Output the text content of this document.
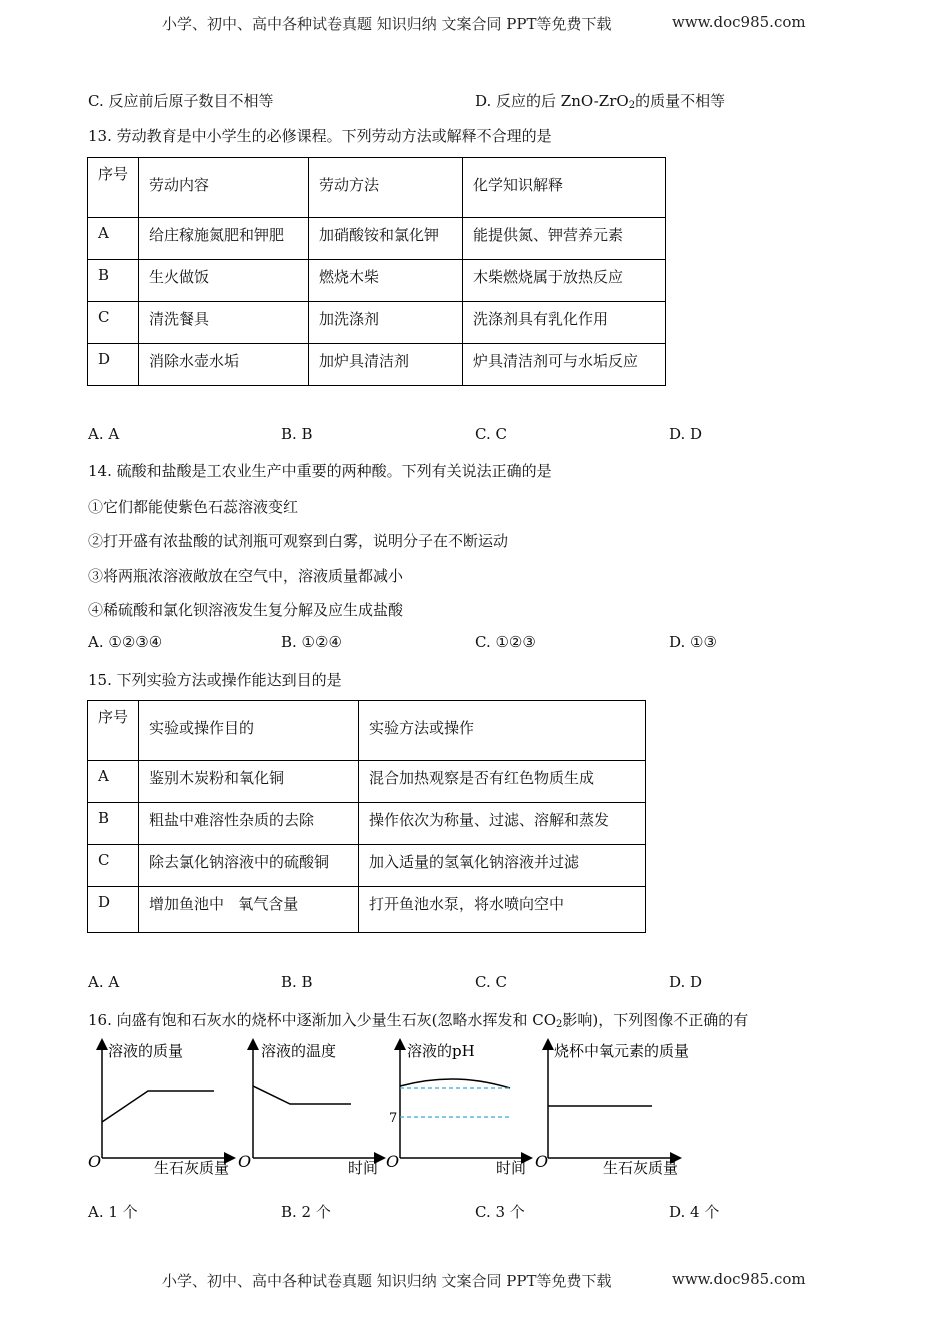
小学、初中、高中各种试卷真题 知识归纳 文案合同 PPT等免费下载	www.doc985.com
C. 反应前后原子数目不相等	D. 反应的后 ZnO-ZrO$_2$的质量不相等
13. 劳动教育是中小学生的必修课程。下列劳动方法或解释不合理的是
序号	劳动内容	劳动方法	化学知识解释
A	给庄稼施氮肥和钾肥	加硝酸铵和氯化钾	能提供氮、钾营养元素
B	生火做饭	燃烧木柴	木柴燃烧属于放热反应
C	清洗餐具	加洗涤剂	洗涤剂具有乳化作用
D	消除水壶水垢	加炉具清洁剂	炉具清洁剂可与水垢反应
A. A	B. B	C. C	D. D
14. 硫酸和盐酸是工农业生产中重要的两种酸。下列有关说法正确的是
①它们都能使紫色石蕊溶液变红
②打开盛有浓盐酸的试剂瓶可观察到白雾，说明分子在不断运动
③将两瓶浓溶液敞放在空气中，溶液质量都减小
④稀硫酸和氯化钡溶液发生复分解及应生成盐酸
A. ①②③④	B. ①②④	C. ①②③	D. ①③
15. 下列实验方法或操作能达到目的是
序号	实验或操作目的	实验方法或操作
A	鉴别木炭粉和氧化铜	混合加热观察是否有红色物质生成
B	粗盐中难溶性杂质的去除	操作依次为称量、过滤、溶解和蒸发
C	除去氯化钠溶液中的硫酸铜	加入适量的氢氧化钠溶液并过滤
D	增加鱼池中   氧气含量	打开鱼池水泵，将水喷向空中
A. A	B. B	C. C	D. D
16. 向盛有饱和石灰水的烧杯中逐渐加入少量生石灰(忽略水挥发和 $CO_2$影响)，下列图像不正确的有
溶液的质量
O	生石灰质量
溶液的温度
O	时间
7
溶液的pH
O	时间
烧杯中氧元素的质量
O	生石灰质量
A. 1 个	B. 2 个	C. 3 个	D. 4 个
小学、初中、高中各种试卷真题 知识归纳 文案合同 PPT等免费下载	www.doc985.com
